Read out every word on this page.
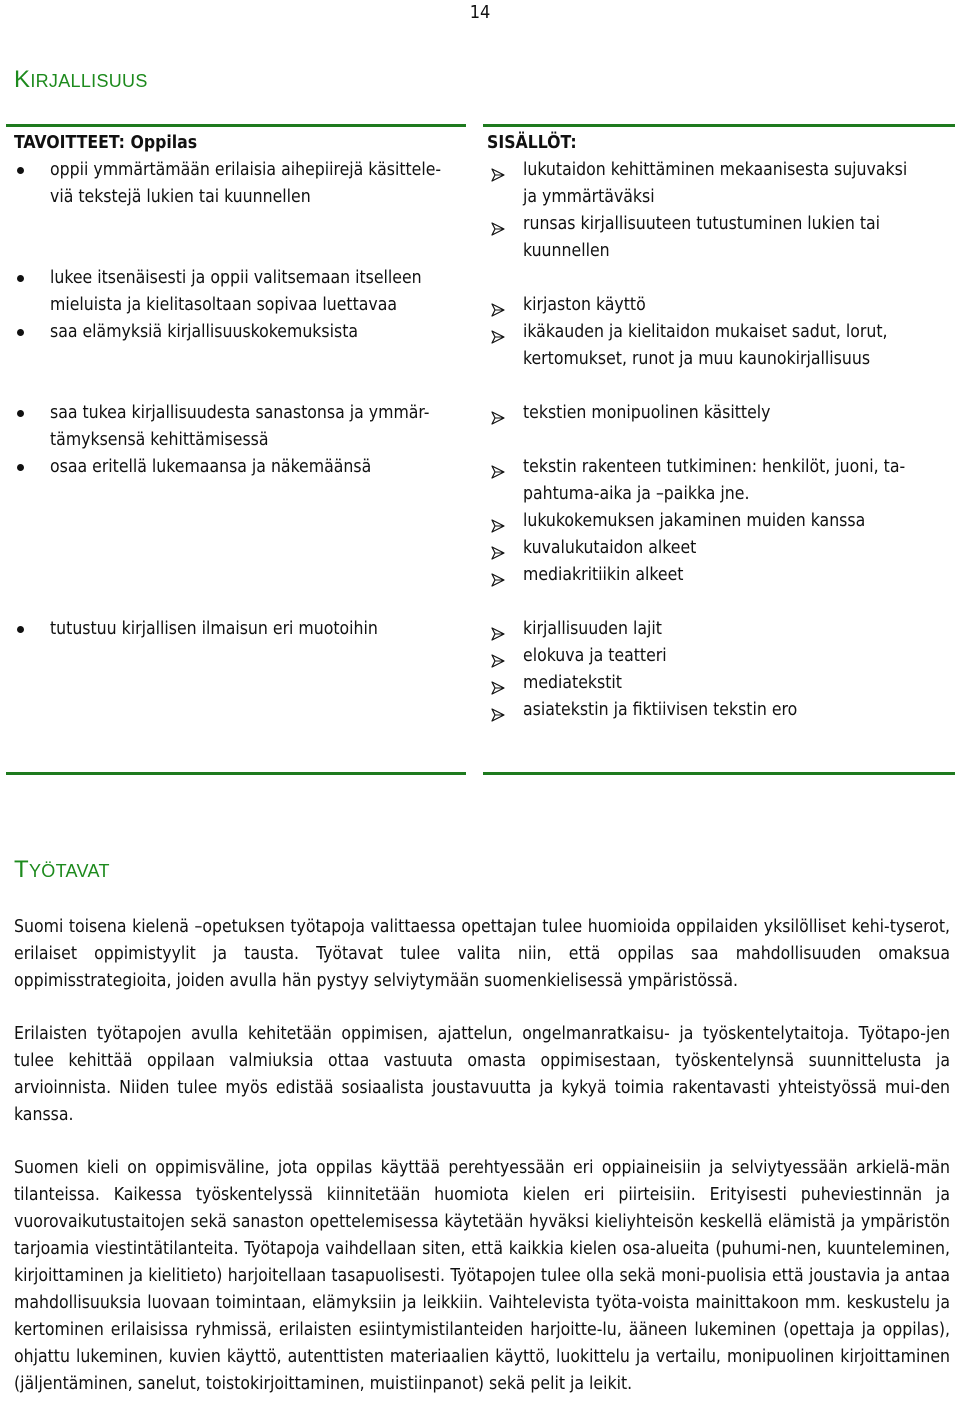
14
KIRJALLISUUS
TAVOITTEET: Oppilas
oppii ymmärtämään erilaisia aihepiirejä käsittele-
viä tekstejä lukien tai kuunnellen
lukee itsenäisesti ja oppii valitsemaan itselleen
mieluista ja kielitasoltaan sopivaa luettavaa
saa elämyksiä kirjallisuuskokemuksista
saa tukea kirjallisuudesta sanastonsa ja ymmär-
tämyksensä kehittämisessä
osaa eritellä lukemaansa ja näkemäänsä
tutustuu kirjallisen ilmaisun eri muotoihin
SISÄLLÖT:
lukutaidon kehittäminen mekaanisesta sujuvaksi
ja ymmärtäväksi
runsas kirjallisuuteen tutustuminen lukien tai
kuunnellen
kirjaston käyttö
ikäkauden ja kielitaidon mukaiset sadut, lorut,
kertomukset, runot ja muu kaunokirjallisuus
tekstien monipuolinen käsittely
tekstin rakenteen tutkiminen: henkilöt, juoni, ta-
pahtuma-aika ja –paikka jne.
lukukokemuksen jakaminen muiden kanssa
kuvalukutaidon alkeet
mediakritiikin alkeet
kirjallisuuden lajit
elokuva ja teatteri
mediatekstit
asiatekstin ja fiktiivisen tekstin ero
TYÖTAVAT
Suomi toisena kielenä –opetuksen työtapoja valittaessa opettajan tulee huomioida oppilaiden yksilölliset kehi-tyserot, erilaiset oppimistyylit ja tausta. Työtavat tulee valita niin, että oppilas saa mahdollisuuden omaksua oppimisstrategioita, joiden avulla hän pystyy selviytymään suomenkielisessä ympäristössä.
Erilaisten työtapojen avulla kehitetään oppimisen, ajattelun, ongelmanratkaisu- ja työskentelytaitoja. Työtapo-jen tulee kehittää oppilaan valmiuksia ottaa vastuuta omasta oppimisestaan, työskentelynsä suunnittelusta ja arvioinnista. Niiden tulee myös edistää sosiaalista joustavuutta ja kykyä toimia rakentavasti yhteistyössä mui-den kanssa.
Suomen kieli on oppimisväline, jota oppilas käyttää perehtyessään eri oppiaineisiin ja selviytyessään arkielä-män tilanteissa. Kaikessa työskentelyssä kiinnitetään huomiota kielen eri piirteisiin. Erityisesti puheviestinnän ja vuorovaikutustaitojen sekä sanaston opettelemisessa käytetään hyväksi kieliyhteisön keskellä elämistä ja ympäristön tarjoamia viestintätilanteita. Työtapoja vaihdellaan siten, että kaikkia kielen osa-alueita (puhumi-nen, kuunteleminen, kirjoittaminen ja kielitieto) harjoitellaan tasapuolisesti. Työtapojen tulee olla sekä moni-puolisia että joustavia ja antaa mahdollisuuksia luovaan toimintaan, elämyksiin ja leikkiin. Vaihtelevista työta-voista mainittakoon mm. keskustelu ja kertominen erilaisissa ryhmissä, erilaisten esiintymistilanteiden harjoitte-lu, ääneen lukeminen (opettaja ja oppilas), ohjattu lukeminen, kuvien käyttö, autenttisten materiaalien käyttö, luokittelu ja vertailu, monipuolinen kirjoittaminen (jäljentäminen, sanelut, toistokirjoittaminen, muistiinpanot) sekä pelit ja leikit.
